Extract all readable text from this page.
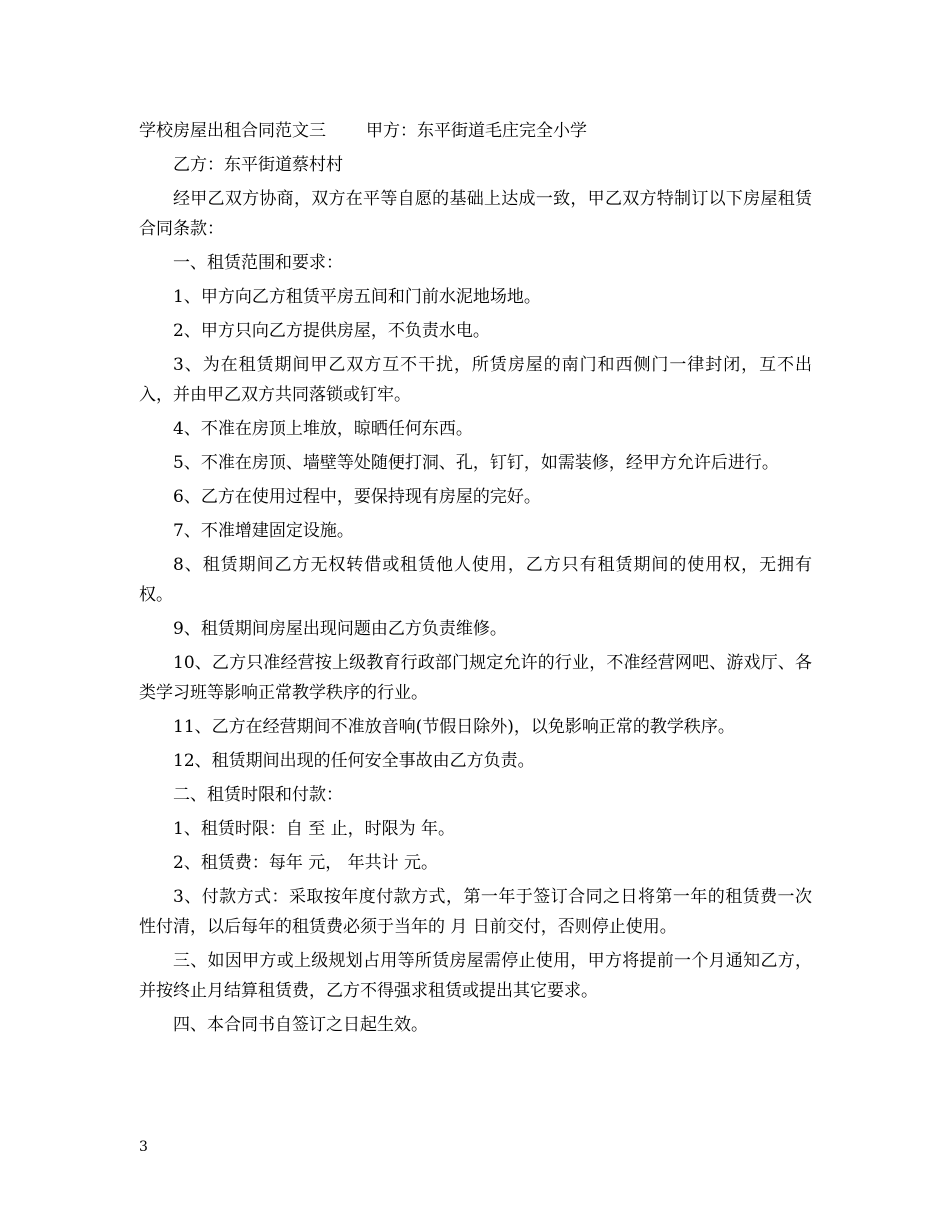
学校房屋出租合同范文三 甲方：东平街道毛庄完全小学
乙方：东平街道蔡村村
经甲乙双方协商，双方在平等自愿的基础上达成一致，甲乙双方特制订以下房屋租赁合同条款：
一、租赁范围和要求：
1、甲方向乙方租赁平房五间和门前水泥地场地。
2、甲方只向乙方提供房屋，不负责水电。
3、为在租赁期间甲乙双方互不干扰，所赁房屋的南门和西侧门一律封闭，互不出入，并由甲乙双方共同落锁或钉牢。
4、不准在房顶上堆放，晾晒任何东西。
5、不准在房顶、墙壁等处随便打洞、孔，钉钉，如需装修，经甲方允许后进行。
6、乙方在使用过程中，要保持现有房屋的完好。
7、不准增建固定设施。
8、租赁期间乙方无权转借或租赁他人使用，乙方只有租赁期间的使用权，无拥有权。
9、租赁期间房屋出现问题由乙方负责维修。
10、乙方只准经营按上级教育行政部门规定允许的行业，不准经营网吧、游戏厅、各类学习班等影响正常教学秩序的行业。
11、乙方在经营期间不准放音响(节假日除外)，以免影响正常的教学秩序。
12、租赁期间出现的任何安全事故由乙方负责。
二、租赁时限和付款：
1、租赁时限：自 至 止，时限为 年。
2、租赁费：每年 元， 年共计 元。
3、付款方式：采取按年度付款方式，第一年于签订合同之日将第一年的租赁费一次性付清，以后每年的租赁费必须于当年的 月 日前交付，否则停止使用。
三、如因甲方或上级规划占用等所赁房屋需停止使用，甲方将提前一个月通知乙方，并按终止月结算租赁费，乙方不得强求租赁或提出其它要求。
四、本合同书自签订之日起生效。
3
